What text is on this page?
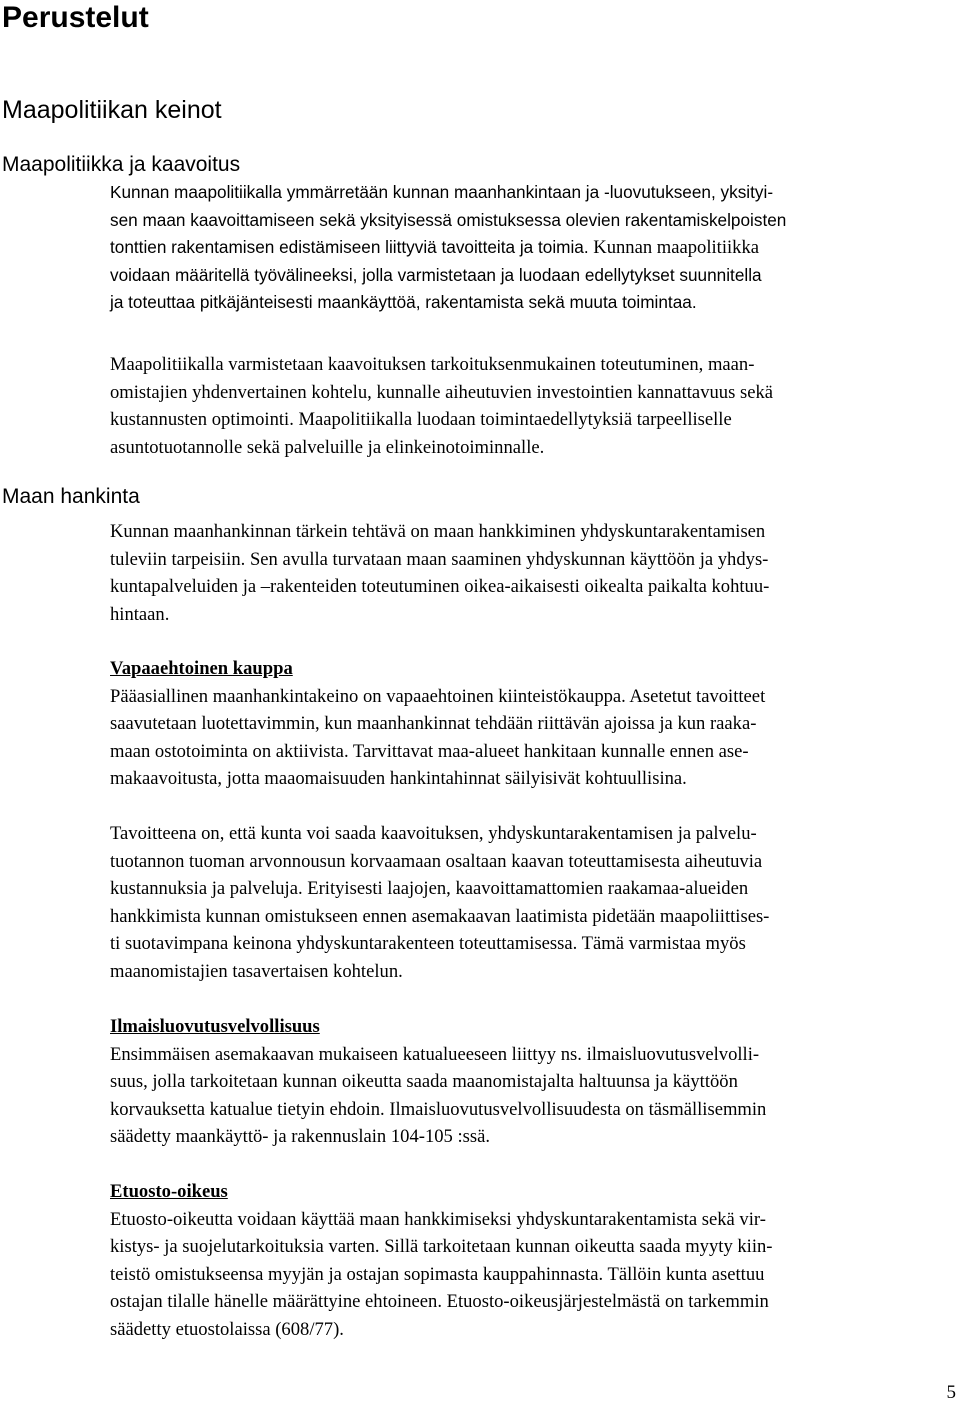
Perustelut
Maapolitiikan keinot
Maapolitiikka ja kaavoitus
Kunnan maapolitiikalla ymmärretään kunnan maanhankintaan ja -luovutukseen, yksityi-
sen maan kaavoittamiseen sekä yksityisessä omistuksessa olevien rakentamiskelpoisten
tonttien rakentamisen edistämiseen liittyviä tavoitteita ja toimia. Kunnan maapolitiikka
voidaan määritellä työvälineeksi, jolla varmistetaan ja luodaan edellytykset suunnitella
ja toteuttaa pitkäjänteisesti maankäyttöä, rakentamista sekä muuta toimintaa.
Maapolitiikalla varmistetaan kaavoituksen tarkoituksenmukainen toteutuminen, maan-
omistajien yhdenvertainen kohtelu, kunnalle aiheutuvien investointien kannattavuus sekä
kustannusten optimointi. Maapolitiikalla luodaan toimintaedellytyksiä tarpeelliselle
asuntotuotannolle sekä palveluille ja elinkeinotoiminnalle.
Maan hankinta
Kunnan maanhankinnan tärkein tehtävä on maan hankkiminen yhdyskuntarakentamisen
tuleviin tarpeisiin. Sen avulla turvataan maan saaminen yhdyskunnan käyttöön ja yhdys-
kuntapalveluiden ja –rakenteiden toteutuminen oikea-aikaisesti oikealta paikalta kohtuu-
hintaan.
Vapaaehtoinen kauppa
Pääasiallinen maanhankintakeino on vapaaehtoinen kiinteistökauppa. Asetetut tavoitteet
saavutetaan luotettavimmin, kun maanhankinnat tehdään riittävän ajoissa ja kun raaka-
maan ostotoiminta on aktiivista. Tarvittavat maa-alueet hankitaan kunnalle ennen ase-
makaavoitusta, jotta maaomaisuuden hankintahinnat säilyisivät kohtuullisina.
Tavoitteena on, että kunta voi saada kaavoituksen, yhdyskuntarakentamisen ja palvelu-
tuotannon tuoman arvonnousun korvaamaan osaltaan kaavan toteuttamisesta aiheutuvia
kustannuksia ja palveluja. Erityisesti laajojen, kaavoittamattomien raakamaa-alueiden
hankkimista kunnan omistukseen ennen asemakaavan laatimista pidetään maapoliittises-
ti suotavimpana keinona yhdyskuntarakenteen toteuttamisessa. Tämä varmistaa myös
maanomistajien tasavertaisen kohtelun.
Ilmaisluovutusvelvollisuus
Ensimmäisen asemakaavan mukaiseen katualueeseen liittyy ns. ilmaisluovutusvelvolli-
suus, jolla tarkoitetaan kunnan oikeutta saada maanomistajalta haltuunsa ja käyttöön
korvauksetta katualue tietyin ehdoin. Ilmaisluovutusvelvollisuudesta on täsmällisemmin
säädetty maankäyttö- ja rakennuslain 104-105 :ssä.
Etuosto-oikeus
Etuosto-oikeutta voidaan käyttää maan hankkimiseksi yhdyskuntarakentamista sekä vir-
kistys- ja suojelutarkoituksia varten. Sillä tarkoitetaan kunnan oikeutta saada myyty kiin-
teistö omistukseensa myyjän ja ostajan sopimasta kauppahinnasta. Tällöin kunta asettuu
ostajan tilalle hänelle määrättyine ehtoineen. Etuosto-oikeusjärjestelmästä on tarkemmin
säädetty etuostolaissa (608/77).
5
